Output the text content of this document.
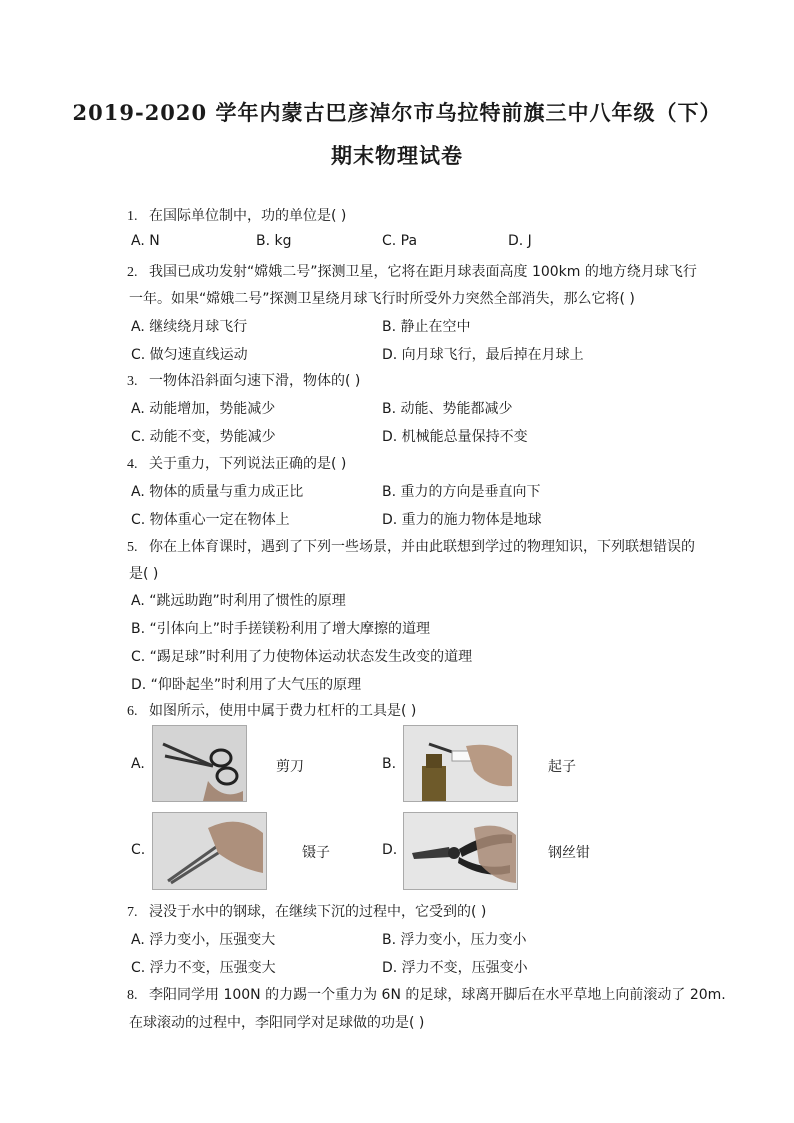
2019-2020 学年内蒙古巴彦淖尔市乌拉特前旗三中八年级（下）
期末物理试卷
1. 在国际单位制中，功的单位是( )
A. N	B. kg	C. Pa	D. J
2. 我国已成功发射“嫦娥二号”探测卫星，它将在距月球表面高度 100km 的地方绕月球飞行
一年。如果“嫦娥二号”探测卫星绕月球飞行时所受外力突然全部消失，那么它将( )
A. 继续绕月球飞行	B. 静止在空中
C. 做匀速直线运动	D. 向月球飞行，最后掉在月球上
3. 一物体沿斜面匀速下滑，物体的( )
A. 动能增加，势能减少	B. 动能、势能都减少
C. 动能不变，势能减少	D. 机械能总量保持不变
4. 关于重力，下列说法正确的是( )
A. 物体的质量与重力成正比	B. 重力的方向是垂直向下
C. 物体重心一定在物体上	D. 重力的施力物体是地球
5. 你在上体育课时，遇到了下列一些场景，并由此联想到学过的物理知识，下列联想错误的
是( )
A. “跳远助跑”时利用了惯性的原理
B. “引体向上”时手搓镁粉利用了增大摩擦的道理
C. “踢足球”时利用了力使物体运动状态发生改变的道理
D. “仰卧起坐”时利用了大气压的原理
6. 如图所示，使用中属于费力杠杆的工具是( )
A.	剪刀	B.	起子
C.	镊子	D.	钢丝钳
7. 浸没于水中的钢球，在继续下沉的过程中，它受到的( )
A. 浮力变小，压强变大	B. 浮力变小，压力变小
C. 浮力不变，压强变大	D. 浮力不变，压强变小
8. 李阳同学用 100N 的力踢一个重力为 6N 的足球，球离开脚后在水平草地上向前滚动了 20m.
在球滚动的过程中，李阳同学对足球做的功是( )
